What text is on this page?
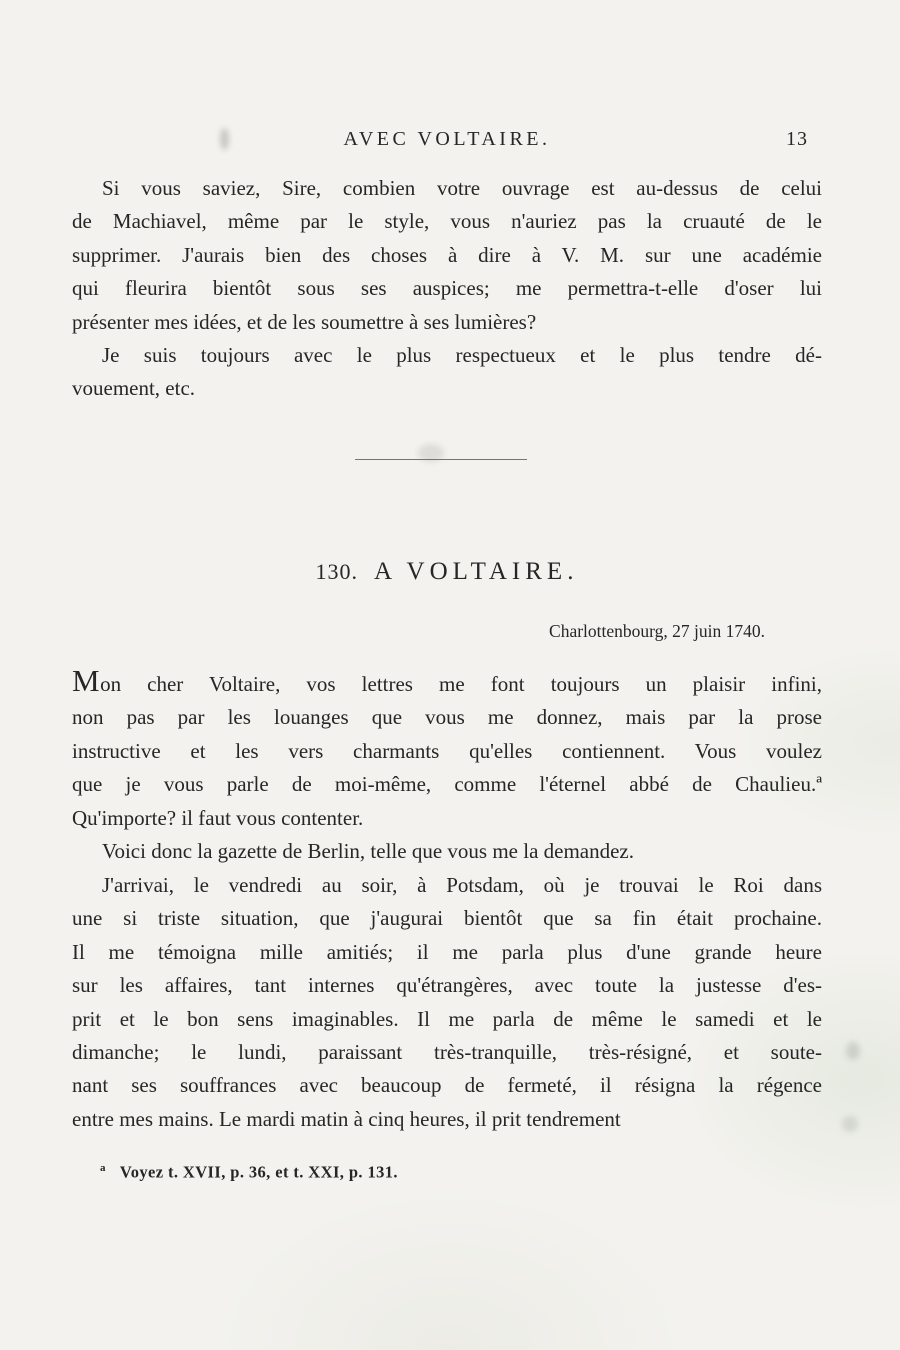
AVEC VOLTAIRE.	13
Si vous saviez, Sire, combien votre ouvrage est au-dessus de celui
de Machiavel, même par le style, vous n'auriez pas la cruauté de le
supprimer. J'aurais bien des choses à dire à V. M. sur une académie
qui fleurira bientôt sous ses auspices; me permettra-t-elle d'oser lui
présenter mes idées, et de les soumettre à ses lumières?
Je suis toujours avec le plus respectueux et le plus tendre dé-
vouement, etc.
130. A VOLTAIRE.
Charlottenbourg, 27 juin 1740.
Mon cher Voltaire, vos lettres me font toujours un plaisir infini,
non pas par les louanges que vous me donnez, mais par la prose
instructive et les vers charmants qu'elles contiennent. Vous voulez
que je vous parle de moi-même, comme l'éternel abbé de Chaulieu.ª
Qu'importe? il faut vous contenter.
Voici donc la gazette de Berlin, telle que vous me la demandez.
J'arrivai, le vendredi au soir, à Potsdam, où je trouvai le Roi dans
une si triste situation, que j'augurai bientôt que sa fin était prochaine.
Il me témoigna mille amitiés; il me parla plus d'une grande heure
sur les affaires, tant internes qu'étrangères, avec toute la justesse d'es-
prit et le bon sens imaginables. Il me parla de même le samedi et le
dimanche; le lundi, paraissant très-tranquille, très-résigné, et soute-
nant ses souffrances avec beaucoup de fermeté, il résigna la régence
entre mes mains. Le mardi matin à cinq heures, il prit tendrement
$^a$ Voyez t. XVII, p. 36, et t. XXI, p. 131.
